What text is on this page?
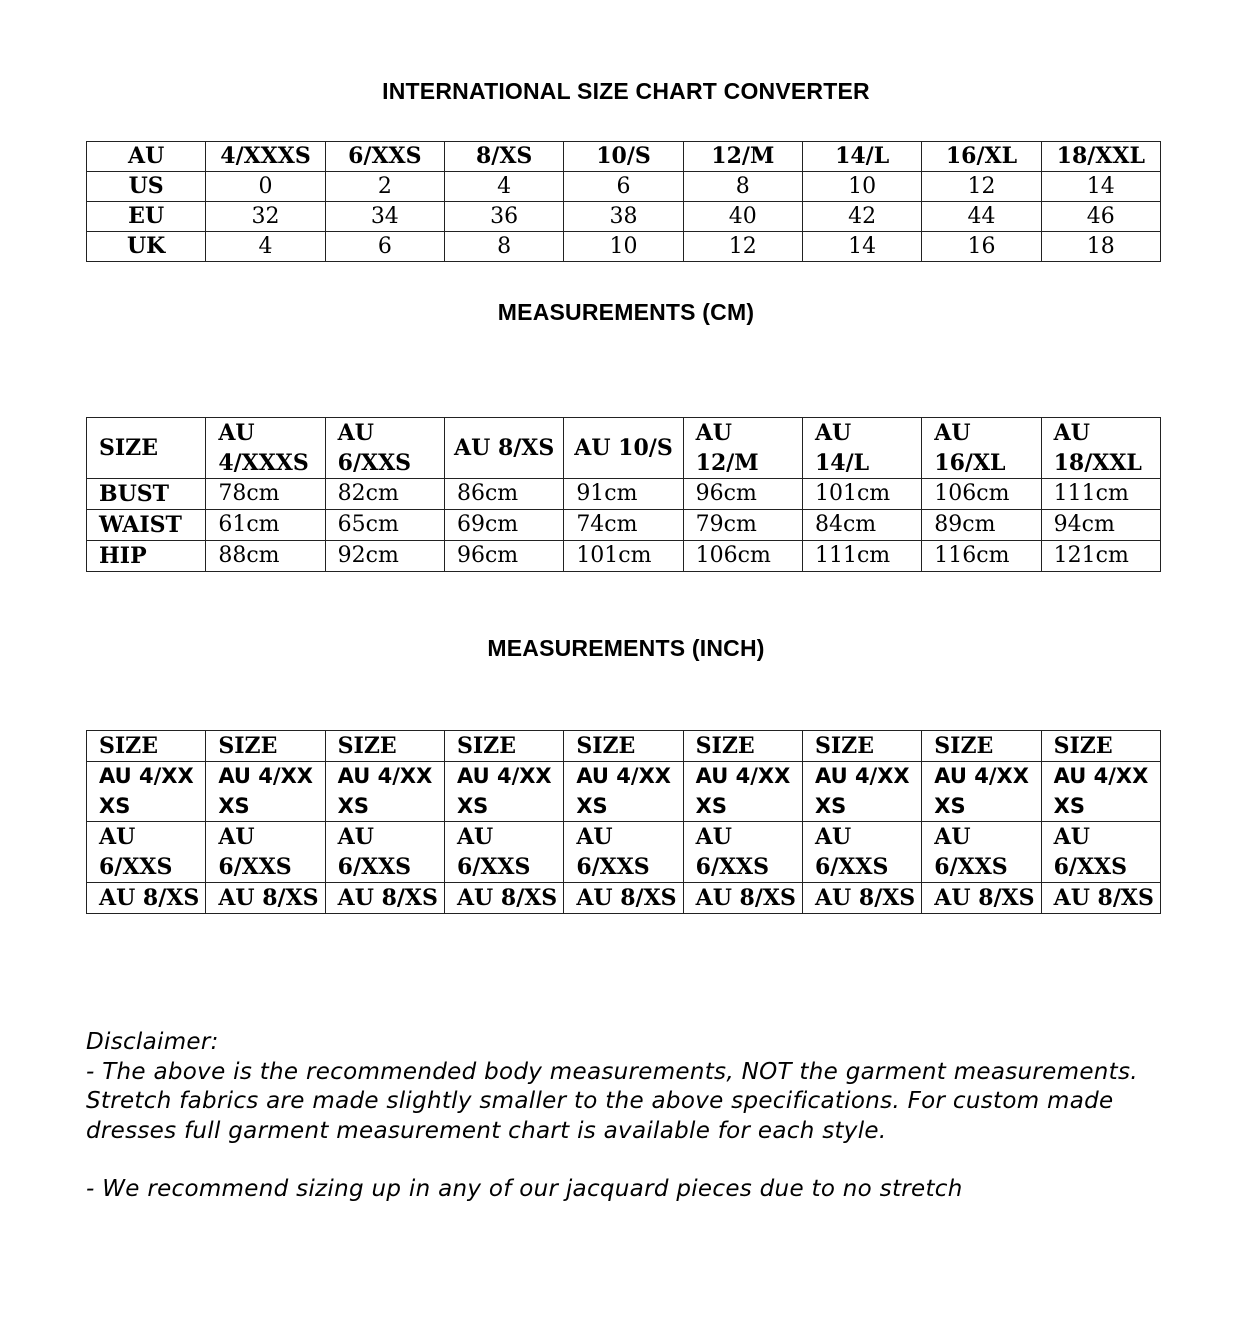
INTERNATIONAL SIZE CHART CONVERTER
AU	4/XXXS	6/XXS	8/XS	10/S	12/M	14/L	16/XL	18/XXL
US	0	2	4	6	8	10	12	14
EU	32	34	36	38	40	42	44	46
UK	4	6	8	10	12	14	16	18
MEASUREMENTS (CM)
SIZE	AU 4/XXXS	AU 6/XXS	AU 8/XS	AU 10/S	AU 12/M	AU 14/L	AU 16/XL	AU 18/XXL
BUST	78cm	82cm	86cm	91cm	96cm	101cm	106cm	111cm
WAIST	61cm	65cm	69cm	74cm	79cm	84cm	89cm	94cm
HIP	88cm	92cm	96cm	101cm	106cm	111cm	116cm	121cm
MEASUREMENTS (INCH)
SIZE	SIZE	SIZE	SIZE	SIZE	SIZE	SIZE	SIZE	SIZE
AU 4/XXXS	AU 4/XXXS	AU 4/XXXS	AU 4/XXXS	AU 4/XXXS	AU 4/XXXS	AU 4/XXXS	AU 4/XXXS	AU 4/XXXS
AU 6/XXS	AU 6/XXS	AU 6/XXS	AU 6/XXS	AU 6/XXS	AU 6/XXS	AU 6/XXS	AU 6/XXS	AU 6/XXS
AU 8/XS	AU 8/XS	AU 8/XS	AU 8/XS	AU 8/XS	AU 8/XS	AU 8/XS	AU 8/XS	AU 8/XS

Disclaimer:

- The above is the recommended body measurements, NOT the garment measurements. Stretch fabrics are made slightly smaller to the above specifications. For custom made dresses full garment measurement chart is available for each style.

- We recommend sizing up in any of our jacquard pieces due to no stretch
